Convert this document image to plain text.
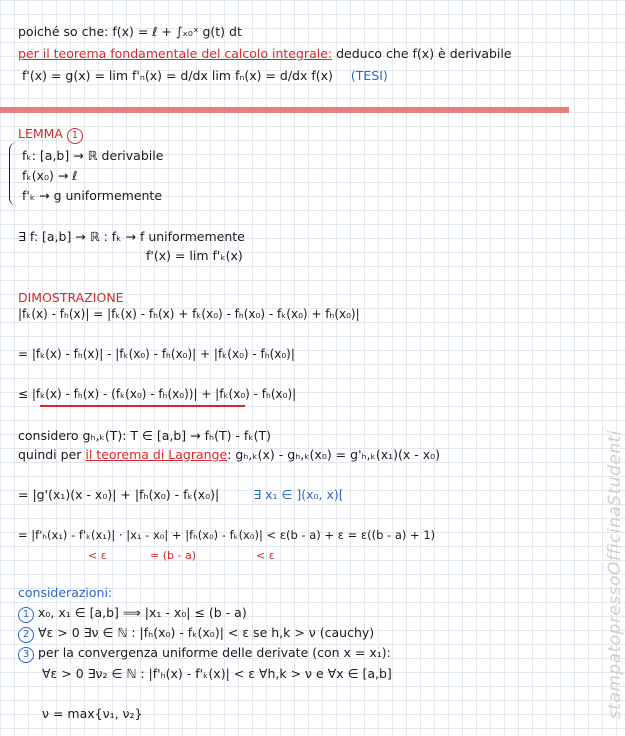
poiché so che: f(x) = ℓ + ∫ₓ₀ˣ g(t) dt
per il teorema fondamentale del calcolo integrale: deduco che f(x) è derivabile
f'(x) = g(x) = lim f'ₙ(x) = d/dx lim fₙ(x) = d/dx f(x) (TESI)
LEMMA 1
fₖ: [a,b] → ℝ derivabile
fₖ(x₀) → ℓ
f'ₖ → g uniformemente
∃ f: [a,b] → ℝ : fₖ → f uniformemente
f'(x) = lim f'ₖ(x)
DIMOSTRAZIONE
|fₖ(x) - fₕ(x)| = |fₖ(x) - fₕ(x) + fₖ(x₀) - fₕ(x₀) - fₖ(x₀) + fₕ(x₀)|
= |fₖ(x) - fₕ(x)| - |fₖ(x₀) - fₕ(x₀)| + |fₖ(x₀) - fₕ(x₀)|
≤ |fₖ(x) - fₕ(x) - (fₖ(x₀) - fₕ(x₀))| + |fₖ(x₀) - fₕ(x₀)|
considero gₕ,ₖ(T): T ∈ [a,b] → fₕ(T) - fₖ(T)
quindi per il teorema di Lagrange: gₕ,ₖ(x) - gₕ,ₖ(x₀) = g'ₕ,ₖ(x₁)(x - x₀)
= |g'(x₁)(x - x₀)| + |fₕ(x₀) - fₖ(x₀)|	∃ x₁ ∈ ](x₀, x)[
= |f'ₕ(x₁) - f'ₖ(x₁)| · |x₁ - x₀| + |fₕ(x₀) - fₖ(x₀)| < ε(b - a) + ε = ε((b - a) + 1)
< ε	= (b - a)	< ε
considerazioni:
1 x₀, x₁ ∈ [a,b] ⟹ |x₁ - x₀| ≤ (b - a)
2 ∀ε > 0 ∃ν ∈ ℕ : |fₕ(x₀) - fₖ(x₀)| < ε se h,k > ν (cauchy)
3 per la convergenza uniforme delle derivate (con x = x₁):
∀ε > 0 ∃ν₂ ∈ ℕ : |f'ₕ(x) - f'ₖ(x)| < ε ∀h,k > ν e ∀x ∈ [a,b]
ν = max{ν₁, ν₂}	stampatopressoOfficinaStudenti
